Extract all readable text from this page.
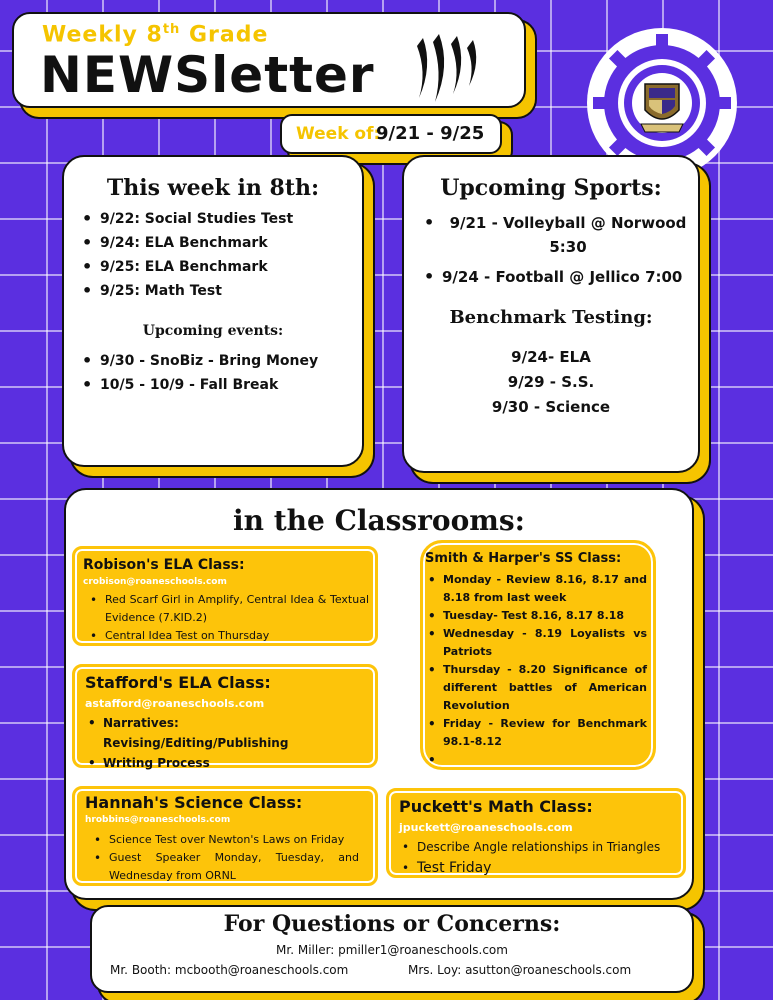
Weekly 8th Grade
NEWSletter
Week of:
9/21 - 9/25
This week in 8th:
• 9/22: Social Studies Test
• 9/24: ELA Benchmark
• 9/25: ELA Benchmark
• 9/25: Math Test
Upcoming events:
• 9/30 - SnoBiz - Bring Money
• 10/5 - 10/9 - Fall Break
Upcoming Sports:
• 9/21 - Volleyball @ Norwood 5:30
• 9/24 - Football @ Jellico 7:00
Benchmark Testing:
9/24- ELA
9/29 - S.S.
9/30 - Science
in the Classrooms:
Robison's ELA Class:
crobison@roaneschools.com
• Red Scarf Girl in Amplify, Central Idea & Textual Evidence (7.KID.2)
• Central Idea Test on Thursday
Stafford's ELA Class:
astafford@roaneschools.com
• Narratives: Revising/Editing/Publishing
• Writing Process
Smith & Harper's SS Class:
• Monday - Review 8.16, 8.17 and 8.18 from last week
• Tuesday- Test 8.16, 8.17 8.18
• Wednesday - 8.19 Loyalists vs Patriots
• Thursday - 8.20 Significance of different battles of American Revolution
• Friday - Review for Benchmark 98.1-8.12
Hannah's Science Class:
hrobbins@roaneschools.com
• Science Test over Newton's Laws on Friday
• Guest Speaker Monday, Tuesday, and Wednesday from ORNL
Puckett's Math Class:
jpuckett@roaneschools.com
• Describe Angle relationships in Triangles
• Test Friday
For Questions or Concerns:
Mr. Miller: pmiller1@roaneschools.com
Mr. Booth: mcbooth@roaneschools.com	Mrs. Loy: asutton@roaneschools.com
